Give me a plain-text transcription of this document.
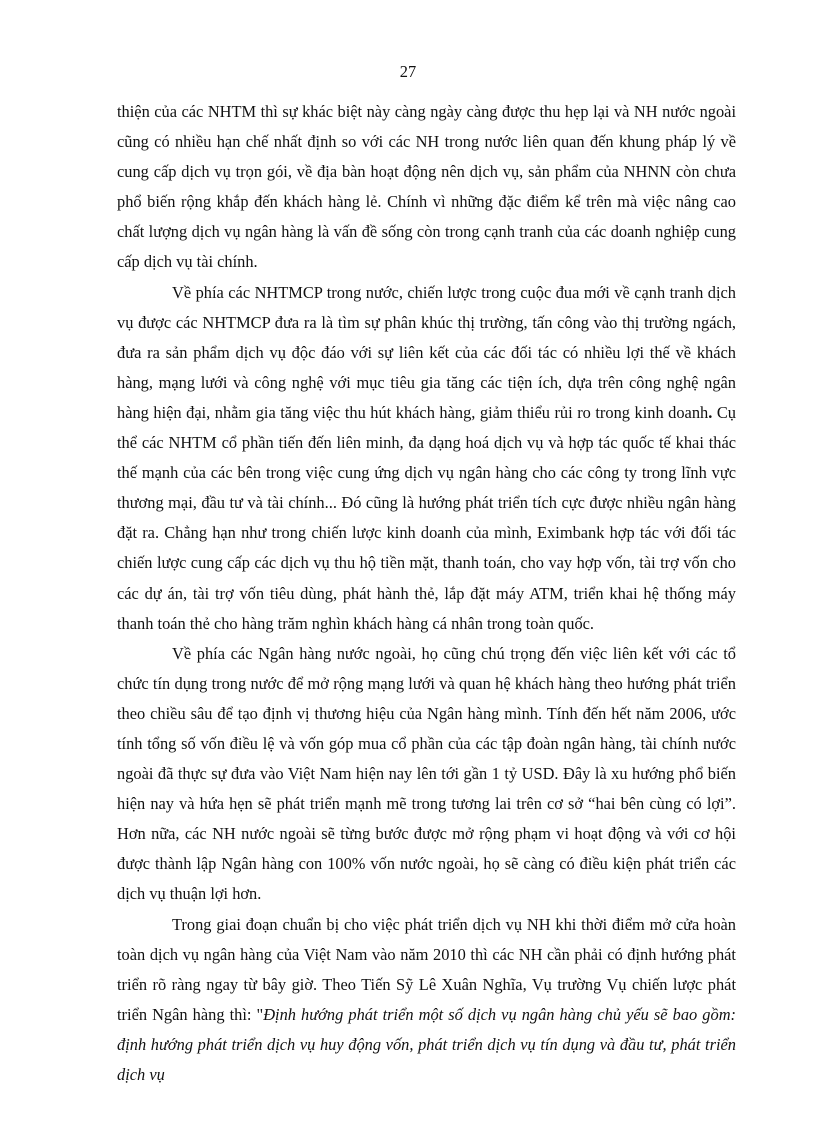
27

thiện của các NHTM thì sự khác biệt này càng ngày càng được thu hẹp lại và NH nước ngoài cũng có nhiều hạn chế nhất định so với các NH trong nước liên quan đến khung pháp lý về cung cấp dịch vụ trọn gói, về địa bàn hoạt động nên dịch vụ, sản phẩm của NHNN còn chưa phổ biến rộng khắp đến khách hàng lẻ. Chính vì những đặc điểm kể trên mà việc nâng cao chất lượng dịch vụ ngân hàng là vấn đề sống còn trong cạnh tranh của các doanh nghiệp cung cấp dịch vụ tài chính.

Về phía các NHTMCP trong nước, chiến lược trong cuộc đua mới về cạnh tranh dịch vụ được các NHTMCP đưa ra là tìm sự phân khúc thị trường, tấn công vào thị trường ngách, đưa ra sản phẩm dịch vụ độc đáo với sự liên kết của các đối tác có nhiều lợi thế về khách hàng, mạng lưới và công nghệ với mục tiêu gia tăng các tiện ích, dựa trên công nghệ ngân hàng hiện đại, nhằm gia tăng việc thu hút khách hàng, giảm thiểu rủi ro trong kinh doanh. Cụ thể các NHTM cổ phần tiến đến liên minh, đa dạng hoá dịch vụ và hợp tác quốc tế khai thác thế mạnh của các bên trong việc cung ứng dịch vụ ngân hàng cho các công ty trong lĩnh vực thương mại, đầu tư và tài chính... Đó cũng là hướng phát triển tích cực được nhiều ngân hàng đặt ra. Chẳng hạn như trong chiến lược kinh doanh của mình, Eximbank hợp tác với đối tác chiến lược cung cấp các dịch vụ thu hộ tiền mặt, thanh toán, cho vay hợp vốn, tài trợ vốn cho các dự án, tài trợ vốn tiêu dùng, phát hành thẻ, lắp đặt máy ATM, triển khai hệ thống máy thanh toán thẻ cho hàng trăm nghìn khách hàng cá nhân trong toàn quốc.

Về phía các Ngân hàng nước ngoài, họ cũng chú trọng đến việc liên kết với các tổ chức tín dụng trong nước để mở rộng mạng lưới và quan hệ khách hàng theo hướng phát triển theo chiều sâu để tạo định vị thương hiệu của Ngân hàng mình. Tính đến hết năm 2006, ước tính tổng số vốn điều lệ và vốn góp mua cổ phần của các tập đoàn ngân hàng, tài chính nước ngoài đã thực sự đưa vào Việt Nam hiện nay lên tới gần 1 tỷ USD. Đây là xu hướng phổ biến hiện nay và hứa hẹn sẽ phát triển mạnh mẽ trong tương lai trên cơ sở “hai bên cùng có lợi”. Hơn nữa, các NH nước ngoài sẽ từng bước được mở rộng phạm vi hoạt động và với cơ hội được thành lập Ngân hàng con 100% vốn nước ngoài, họ sẽ càng có điều kiện phát triển các dịch vụ thuận lợi hơn.

Trong giai đoạn chuẩn bị cho việc phát triển dịch vụ NH khi thời điểm mở cửa hoàn toàn dịch vụ ngân hàng của Việt Nam vào năm 2010 thì các NH cần phải có định hướng phát triển rõ ràng ngay từ bây giờ. Theo Tiến Sỹ Lê Xuân Nghĩa, Vụ trường Vụ chiến lược phát triển Ngân hàng thì: "Định hướng phát triển một số dịch vụ ngân hàng chủ yếu sẽ bao gồm: định hướng phát triển dịch vụ huy động vốn, phát triển dịch vụ tín dụng và đầu tư, phát triển dịch vụ
